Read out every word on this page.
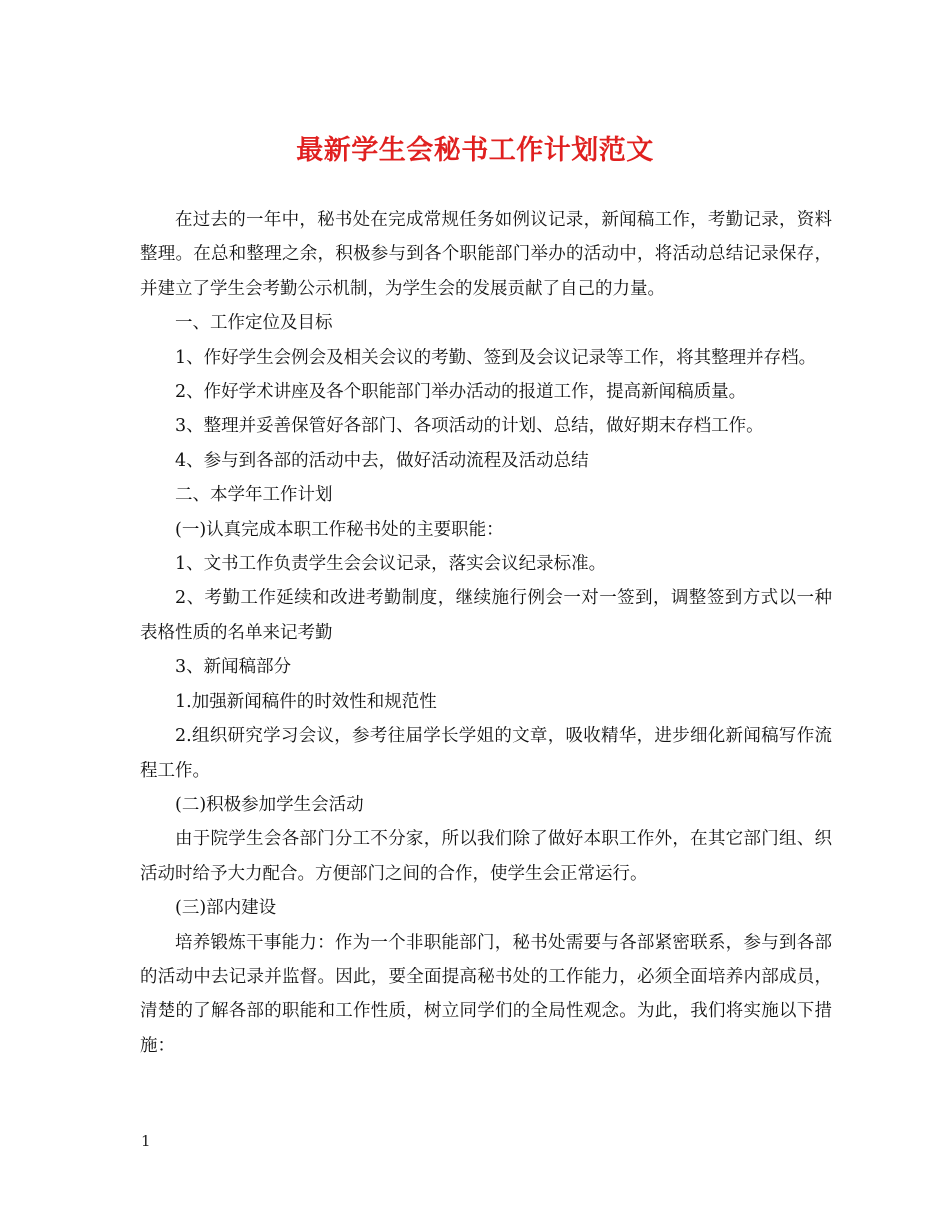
最新学生会秘书工作计划范文

在过去的一年中，秘书处在完成常规任务如例议记录，新闻稿工作，考勤记录，资料整理。在总和整理之余，积极参与到各个职能部门举办的活动中，将活动总结记录保存，并建立了学生会考勤公示机制，为学生会的发展贡献了自己的力量。

一、工作定位及目标

1、作好学生会例会及相关会议的考勤、签到及会议记录等工作，将其整理并存档。

2、作好学术讲座及各个职能部门举办活动的报道工作，提高新闻稿质量。

3、整理并妥善保管好各部门、各项活动的计划、总结，做好期末存档工作。

4、参与到各部的活动中去，做好活动流程及活动总结

二、本学年工作计划

(一)认真完成本职工作秘书处的主要职能：

1、文书工作负责学生会会议记录，落实会议纪录标准。

2、考勤工作延续和改进考勤制度，继续施行例会一对一签到，调整签到方式以一种表格性质的名单来记考勤

3、新闻稿部分

1.加强新闻稿件的时效性和规范性

2.组织研究学习会议，参考往届学长学姐的文章，吸收精华，进步细化新闻稿写作流程工作。

(二)积极参加学生会活动

由于院学生会各部门分工不分家，所以我们除了做好本职工作外，在其它部门组、织活动时给予大力配合。方便部门之间的合作，使学生会正常运行。

(三)部内建设

培养锻炼干事能力：作为一个非职能部门，秘书处需要与各部紧密联系，参与到各部的活动中去记录并监督。因此，要全面提高秘书处的工作能力，必须全面培养内部成员，清楚的了解各部的职能和工作性质，树立同学们的全局性观念。为此，我们将实施以下措施：

1
